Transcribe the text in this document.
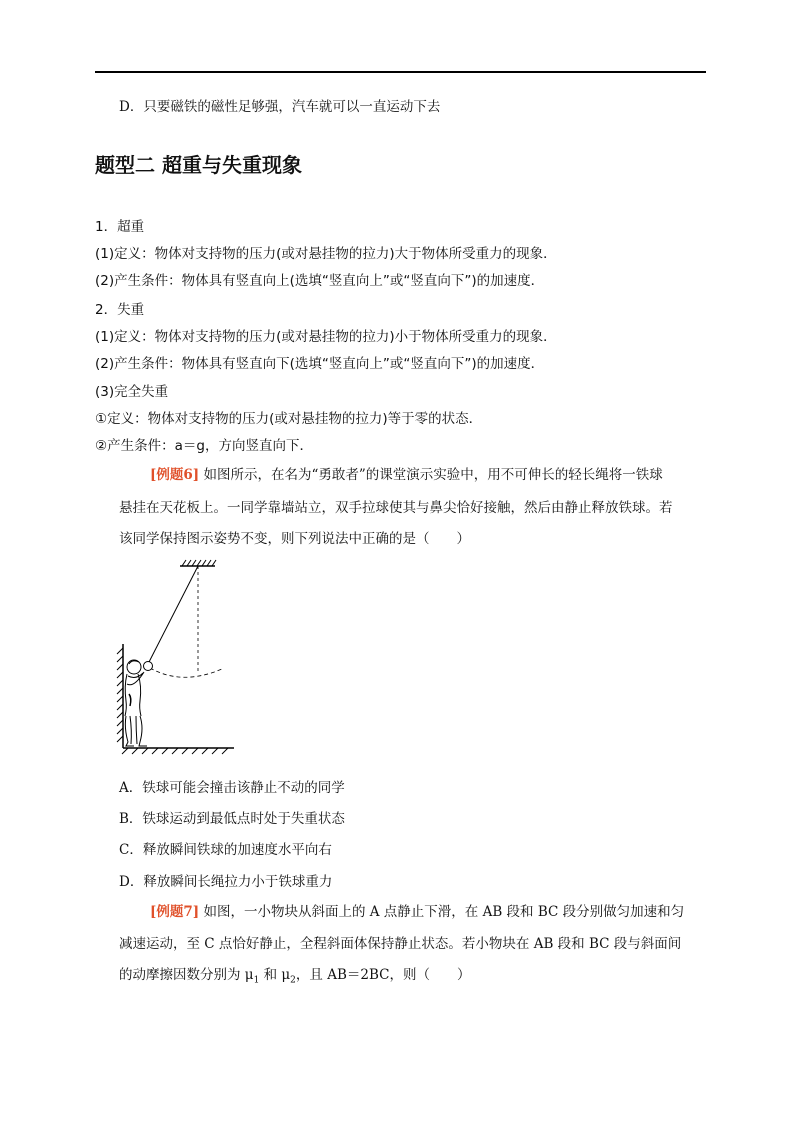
D．只要磁铁的磁性足够强，汽车就可以一直运动下去
题型二 超重与失重现象
1．超重
(1)定义：物体对支持物的压力(或对悬挂物的拉力)大于物体所受重力的现象．
(2)产生条件：物体具有竖直向上(选填“竖直向上”或“竖直向下”)的加速度．
2．失重
(1)定义：物体对支持物的压力(或对悬挂物的拉力)小于物体所受重力的现象．
(2)产生条件：物体具有竖直向下(选填“竖直向上”或“竖直向下”)的加速度．
(3)完全失重
①定义：物体对支持物的压力(或对悬挂物的拉力)等于零的状态．
②产生条件：a＝g，方向竖直向下．
[例题6] 如图所示，在名为“勇敢者”的课堂演示实验中，用不可伸长的轻长绳将一铁球
悬挂在天花板上。一同学靠墙站立，双手拉球使其与鼻尖恰好接触，然后由静止释放铁球。若
该同学保持图示姿势不变，则下列说法中正确的是（　　）
A．铁球可能会撞击该静止不动的同学
B．铁球运动到最低点时处于失重状态
C．释放瞬间铁球的加速度水平向右
D．释放瞬间长绳拉力小于铁球重力
[例题7] 如图，一小物块从斜面上的 A 点静止下滑，在 AB 段和 BC 段分别做匀加速和匀
减速运动，至 C 点恰好静止，全程斜面体保持静止状态。若小物块在 AB 段和 BC 段与斜面间
的动摩擦因数分别为 $\mu_1$ 和 $\mu_2$，且 AB＝2BC，则（　　）
